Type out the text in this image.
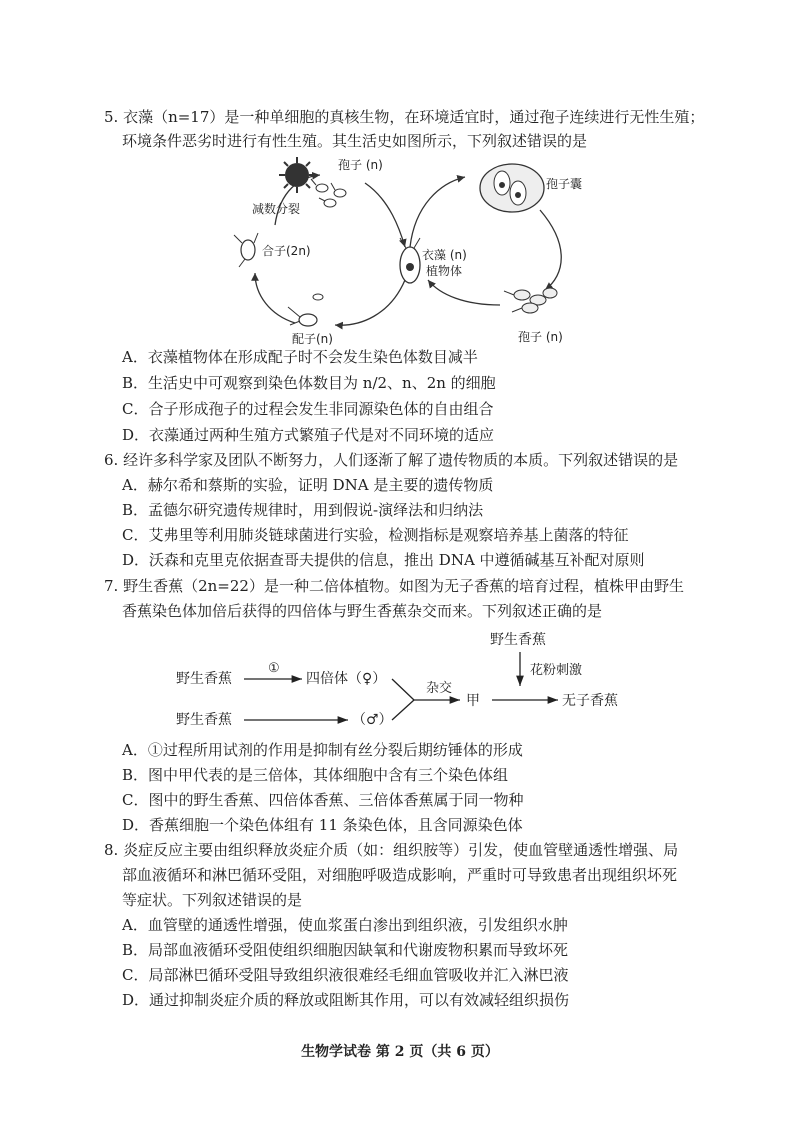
5. 衣藻（n=17）是一种单细胞的真核生物，在环境适宜时，通过孢子连续进行无性生殖；
环境条件恶劣时进行有性生殖。其生活史如图所示，下列叙述错误的是
孢子 (n)
减数分裂
合子(2n)
配子(n)
衣藻 (n)
植物体
孢子囊
孢子 (n)
A．衣藻植物体在形成配子时不会发生染色体数目减半
B．生活史中可观察到染色体数目为 n/2、n、2n 的细胞
C．合子形成孢子的过程会发生非同源染色体的自由组合
D．衣藻通过两种生殖方式繁殖子代是对不同环境的适应
6. 经许多科学家及团队不断努力，人们逐渐了解了遗传物质的本质。下列叙述错误的是
A．赫尔希和蔡斯的实验，证明 DNA 是主要的遗传物质
B．孟德尔研究遗传规律时，用到假说-演绎法和归纳法
C．艾弗里等利用肺炎链球菌进行实验，检测指标是观察培养基上菌落的特征
D．沃森和克里克依据查哥夫提供的信息，推出 DNA 中遵循碱基互补配对原则
7. 野生香蕉（2n=22）是一种二倍体植物。如图为无子香蕉的培育过程，植株甲由野生
香蕉染色体加倍后获得的四倍体与野生香蕉杂交而来。下列叙述正确的是
野生香蕉
花粉刺激
野生香蕉
①
四倍体（♀）
杂交
甲	无子香蕉
野生香蕉	（♂）
A．①过程所用试剂的作用是抑制有丝分裂后期纺锤体的形成
B．图中甲代表的是三倍体，其体细胞中含有三个染色体组
C．图中的野生香蕉、四倍体香蕉、三倍体香蕉属于同一物种
D．香蕉细胞一个染色体组有 11 条染色体，且含同源染色体
8. 炎症反应主要由组织释放炎症介质（如：组织胺等）引发，使血管壁通透性增强、局
部血液循环和淋巴循环受阻，对细胞呼吸造成影响，严重时可导致患者出现组织坏死
等症状。下列叙述错误的是
A．血管壁的通透性增强，使血浆蛋白渗出到组织液，引发组织水肿
B．局部血液循环受阻使组织细胞因缺氧和代谢废物积累而导致坏死
C．局部淋巴循环受阻导致组织液很难经毛细血管吸收并汇入淋巴液
D．通过抑制炎症介质的释放或阻断其作用，可以有效减轻组织损伤
生物学试卷 第 2 页（共 6 页）
